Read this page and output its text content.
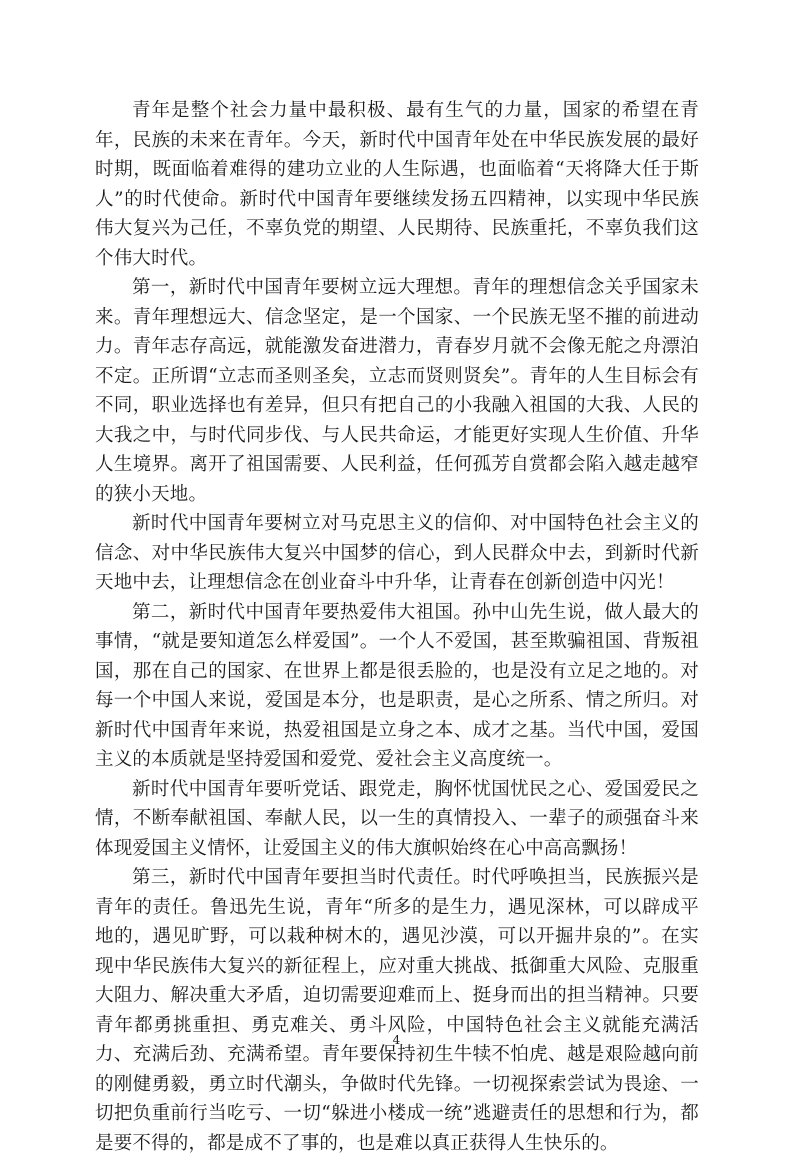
青年是整个社会力量中最积极、最有生气的力量，国家的希望在青年，民族的未来在青年。今天，新时代中国青年处在中华民族发展的最好时期，既面临着难得的建功立业的人生际遇，也面临着“天将降大任于斯人”的时代使命。新时代中国青年要继续发扬五四精神，以实现中华民族伟大复兴为己任，不辜负党的期望、人民期待、民族重托，不辜负我们这个伟大时代。

第一，新时代中国青年要树立远大理想。青年的理想信念关乎国家未来。青年理想远大、信念坚定，是一个国家、一个民族无坚不摧的前进动力。青年志存高远，就能激发奋进潜力，青春岁月就不会像无舵之舟漂泊不定。正所谓“立志而圣则圣矣，立志而贤则贤矣”。青年的人生目标会有不同，职业选择也有差异，但只有把自己的小我融入祖国的大我、人民的大我之中，与时代同步伐、与人民共命运，才能更好实现人生价值、升华人生境界。离开了祖国需要、人民利益，任何孤芳自赏都会陷入越走越窄的狭小天地。

新时代中国青年要树立对马克思主义的信仰、对中国特色社会主义的信念、对中华民族伟大复兴中国梦的信心，到人民群众中去，到新时代新天地中去，让理想信念在创业奋斗中升华，让青春在创新创造中闪光！

第二，新时代中国青年要热爱伟大祖国。孙中山先生说，做人最大的事情，“就是要知道怎么样爱国”。一个人不爱国，甚至欺骗祖国、背叛祖国，那在自己的国家、在世界上都是很丢脸的，也是没有立足之地的。对每一个中国人来说，爱国是本分，也是职责，是心之所系、情之所归。对新时代中国青年来说，热爱祖国是立身之本、成才之基。当代中国，爱国主义的本质就是坚持爱国和爱党、爱社会主义高度统一。

新时代中国青年要听党话、跟党走，胸怀忧国忧民之心、爱国爱民之情，不断奉献祖国、奉献人民，以一生的真情投入、一辈子的顽强奋斗来体现爱国主义情怀，让爱国主义的伟大旗帜始终在心中高高飘扬！

第三，新时代中国青年要担当时代责任。时代呼唤担当，民族振兴是青年的责任。鲁迅先生说，青年“所多的是生力，遇见深林，可以辟成平地的，遇见旷野，可以栽种树木的，遇见沙漠，可以开掘井泉的”。在实现中华民族伟大复兴的新征程上，应对重大挑战、抵御重大风险、克服重大阻力、解决重大矛盾，迫切需要迎难而上、挺身而出的担当精神。只要青年都勇挑重担、勇克难关、勇斗风险，中国特色社会主义就能充满活力、充满后劲、充满希望。青年要保持初生牛犊不怕虎、越是艰险越向前的刚健勇毅，勇立时代潮头，争做时代先锋。一切视探索尝试为畏途、一切把负重前行当吃亏、一切“躲进小楼成一统”逃避责任的思想和行为，都是要不得的，都是成不了事的，也是难以真正获得人生快乐的。

4
